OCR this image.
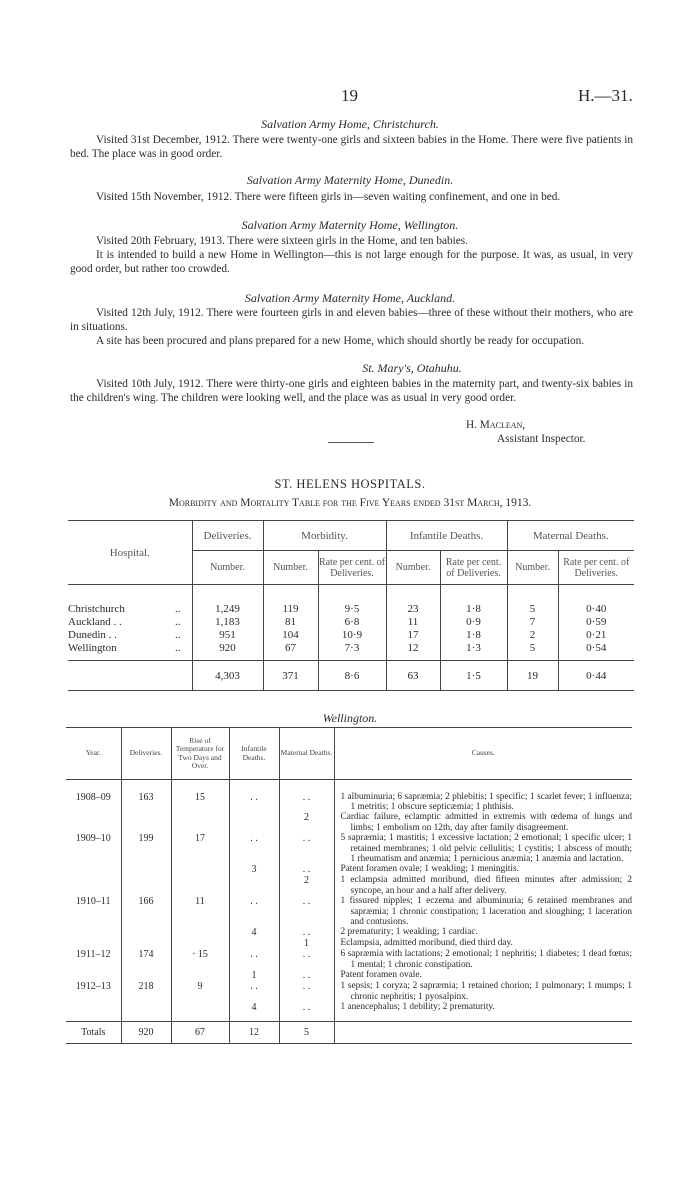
19	H.—31.
Salvation Army Home, Christchurch.

Visited 31st December, 1912. There were twenty-one girls and sixteen babies in the Home. There were five patients in bed. The place was in good order.

Salvation Army Maternity Home, Dunedin.

Visited 15th November, 1912. There were fifteen girls in—seven waiting confinement, and one in bed.

Salvation Army Maternity Home, Wellington.

Visited 20th February, 1913. There were sixteen girls in the Home, and ten babies.

It is intended to build a new Home in Wellington—this is not large enough for the purpose. It was, as usual, in very good order, but rather too crowded.

Salvation Army Maternity Home, Auckland.

Visited 12th July, 1912. There were fourteen girls in and eleven babies—three of these without their mothers, who are in situations.

A site has been procured and plans prepared for a new Home, which should shortly be ready for occupation.

St. Mary's, Otahuhu.

Visited 10th July, 1912. There were thirty-one girls and eighteen babies in the maternity part, and twenty-six babies in the children's wing. The children were looking well, and the place was as usual in very good order.

H. Maclean,
Assistant Inspector.
ST. HELENS HOSPITALS.
Morbidity and Mortality Table for the Five Years ended 31st March, 1913.
Hospital.	Deliveries.	Morbidity.		Infantile Deaths.		Maternal Deaths.	
	Number.	Number.	Rate per cent. of Deliveries.	Number.	Rate per cent. of Deliveries.	Number.	Rate per cent. of Deliveries.

Christchurch ..	1,249	119	9·5	23	1·8	5	0·40
Auckland . . ..	1,183	81	6·8	11	0·9	7	0·59
Dunedin . . ..	951	104	10·9	17	1·8	2	0·21
Wellington ..	920	67	7·3	12	1·3	5	0·54

	4,303	371	8·6	63	1·5	19	0·44
Wellington.
Year.	Deliveries.	Rise of Temperature for Two Days and Over.	Infantile Deaths.	Maternal Deaths.	Causes.

1908–09	163	15	. .	. .	1 albuminuria; 6 sapræmia; 2 phlebitis; 1 specific; 1 scarlet fever; 1 influenza; 1 metritis; 1 obscure septicæmia; 1 phthisis.

				2	Cardiac failure, eclamptic admitted in extremis with œdema of lungs and limbs; 1 embolism on 12th, day after family disagreement.

1909–10	199	17	. .	. .	5 sapræmia; 1 mastitis; 1 excessive lactation; 2 emotional; 1 specific ulcer; 1 retained membranes; 1 old pelvic cellulitis; 1 cystitis; 1 abscess of mouth; 1 rheumatism and anæmia; 1 pernicious anæmia; 1 anæmia and lactation.

			3	. .	Patent foramen ovale; 1 weakling; 1 meningitis.

				2	1 eclampsia admitted moribund, died fifteen minutes after admission; 2 syncope, an hour and a half after delivery.

1910–11	166	11	. .	. .	1 fissured nipples; 1 eczema and albuminuria; 6 retained membranes and sapræmia; 1 chronic constipation; 1 laceration and sloughing; 1 laceration and contusions.

			4	. .	2 prematurity; 1 weakling; 1 cardiac.

				1	Eclampsia, admitted moribund, died third day.

1911–12	174	· 15	. .	. .	6 sapræmia with lactations; 2 emotional; 1 nephritis; 1 diabetes; 1 dead fœtus; 1 mental; 1 chronic constipation.

			1	. .	Patent foramen ovale.

1912–13	218	9	. .	. .	1 sepsis; 1 coryza; 2 sapræmia; 1 retained chorion; 1 pulmonary; 1 mumps; 1 chronic nephritis; 1 pyosalpinx.

			4	. .	1 anencephalus; 1 debility; 2 prematurity.

Totals	920	67	12	5	
